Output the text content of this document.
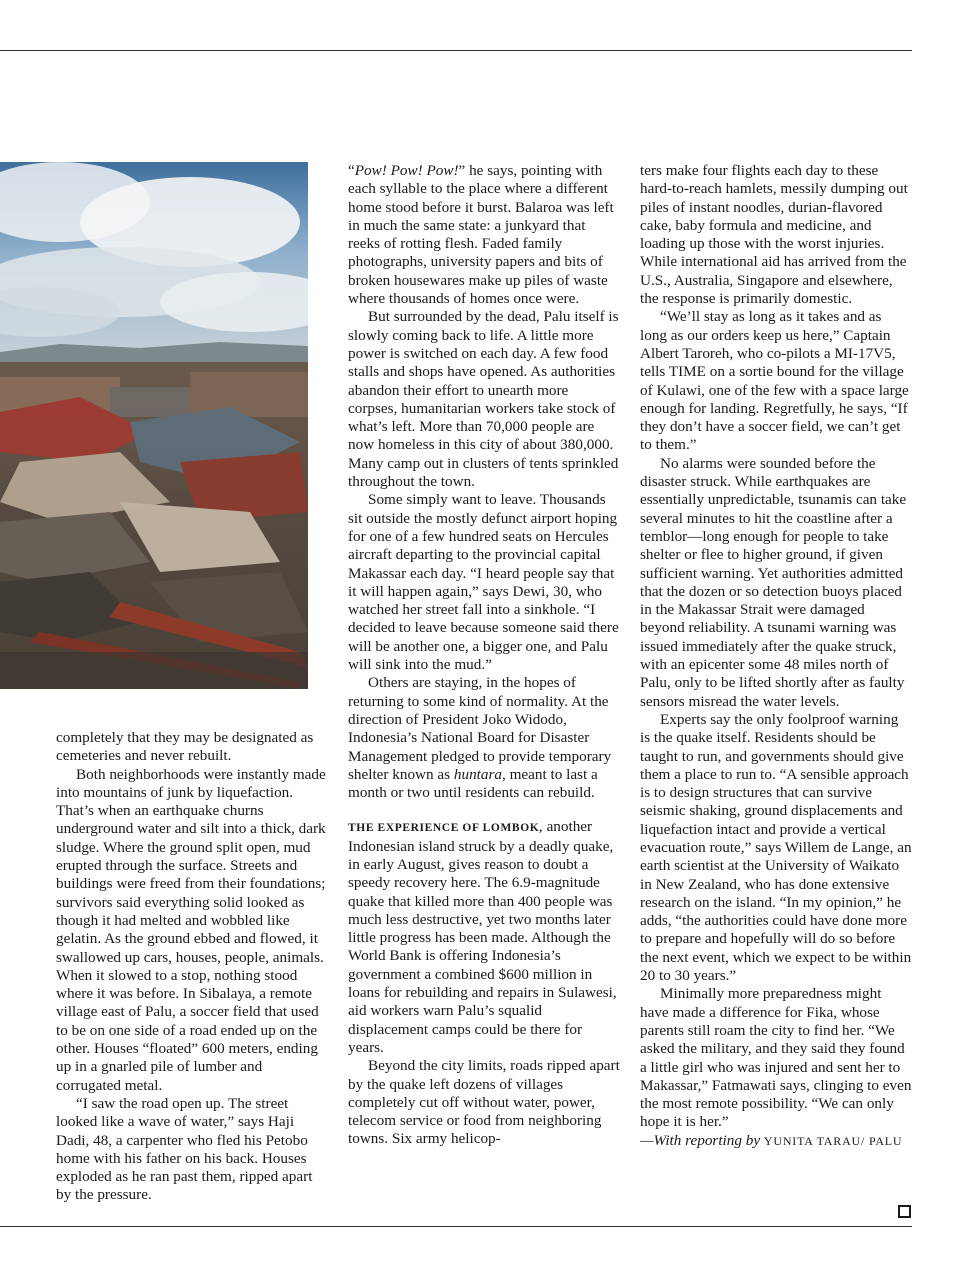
completely that they may be designated as cemeteries and never rebuilt.

Both neighborhoods were instantly made into mountains of junk by liquefaction. That’s when an earthquake churns underground water and silt into a thick, dark sludge. Where the ground split open, mud erupted through the surface. Streets and buildings were freed from their foundations; survivors said everything solid looked as though it had melted and wobbled like gelatin. As the ground ebbed and flowed, it swallowed up cars, houses, people, animals. When it slowed to a stop, nothing stood where it was before. In Sibalaya, a remote village east of Palu, a soccer field that used to be on one side of a road ended up on the other. Houses “floated” 600 meters, ending up in a gnarled pile of lumber and corrugated metal.

“I saw the road open up. The street looked like a wave of water,” says Haji Dadi, 48, a carpenter who fled his Petobo home with his father on his back. Houses exploded as he ran past them, ripped apart by the pressure.

“Pow! Pow! Pow!” he says, pointing with each syllable to the place where a different home stood before it burst. Balaroa was left in much the same state: a junkyard that reeks of rotting flesh. Faded family photographs, university papers and bits of broken housewares make up piles of waste where thousands of homes once were.

But surrounded by the dead, Palu itself is slowly coming back to life. A little more power is switched on each day. A few food stalls and shops have opened. As authorities abandon their effort to unearth more corpses, humanitarian workers take stock of what’s left. More than 70,000 people are now homeless in this city of about 380,000. Many camp out in clusters of tents sprinkled throughout the town.

Some simply want to leave. Thousands sit outside the mostly defunct airport hoping for one of a few hundred seats on Hercules aircraft departing to the provincial capital Makassar each day. “I heard people say that it will happen again,” says Dewi, 30, who watched her street fall into a sinkhole. “I decided to leave because someone said there will be another one, a bigger one, and Palu will sink into the mud.”

Others are staying, in the hopes of returning to some kind of normality. At the direction of President Joko Widodo, Indonesia’s National Board for Disaster Management pledged to provide temporary shelter known as huntara, meant to last a month or two until residents can rebuild.

THE EXPERIENCE OF LOMBOK, another Indonesian island struck by a deadly quake, in early August, gives reason to doubt a speedy recovery here. The 6.9-magnitude quake that killed more than 400 people was much less destructive, yet two months later little progress has been made. Although the World Bank is offering Indonesia’s government a combined $600 million in loans for rebuilding and repairs in Sulawesi, aid workers warn Palu’s squalid displacement camps could be there for years.

Beyond the city limits, roads ripped apart by the quake left dozens of villages completely cut off without water, power, telecom service or food from neighboring towns. Six army helicop-

ters make four flights each day to these hard-to-reach hamlets, messily dumping out piles of instant noodles, durian-flavored cake, baby formula and medicine, and loading up those with the worst injuries. While international aid has arrived from the U.S., Australia, Singapore and elsewhere, the response is primarily domestic.

“We’ll stay as long as it takes and as long as our orders keep us here,” Captain Albert Taroreh, who co-pilots a MI-17V5, tells TIME on a sortie bound for the village of Kulawi, one of the few with a space large enough for landing. Regretfully, he says, “If they don’t have a soccer field, we can’t get to them.”

No alarms were sounded before the disaster struck. While earthquakes are essentially unpredictable, tsunamis can take several minutes to hit the coastline after a temblor—long enough for people to take shelter or flee to higher ground, if given sufficient warning. Yet authorities admitted that the dozen or so detection buoys placed in the Makassar Strait were damaged beyond reliability. A tsunami warning was issued immediately after the quake struck, with an epicenter some 48 miles north of Palu, only to be lifted shortly after as faulty sensors misread the water levels.

Experts say the only foolproof warning is the quake itself. Residents should be taught to run, and governments should give them a place to run to. “A sensible approach is to design structures that can survive seismic shaking, ground displacements and liquefaction intact and provide a vertical evacuation route,” says Willem de Lange, an earth scientist at the University of Waikato in New Zealand, who has done extensive research on the island. “In my opinion,” he adds, “the authorities could have done more to prepare and hopefully will do so before the next event, which we expect to be within 20 to 30 years.”

Minimally more preparedness might have made a difference for Fika, whose parents still roam the city to find her. “We asked the military, and they said they found a little girl who was injured and sent her to Makassar,” Fatmawati says, clinging to even the most remote possibility. “We can only hope it is her.”

—With reporting by YUNITA TARAU/ PALU
